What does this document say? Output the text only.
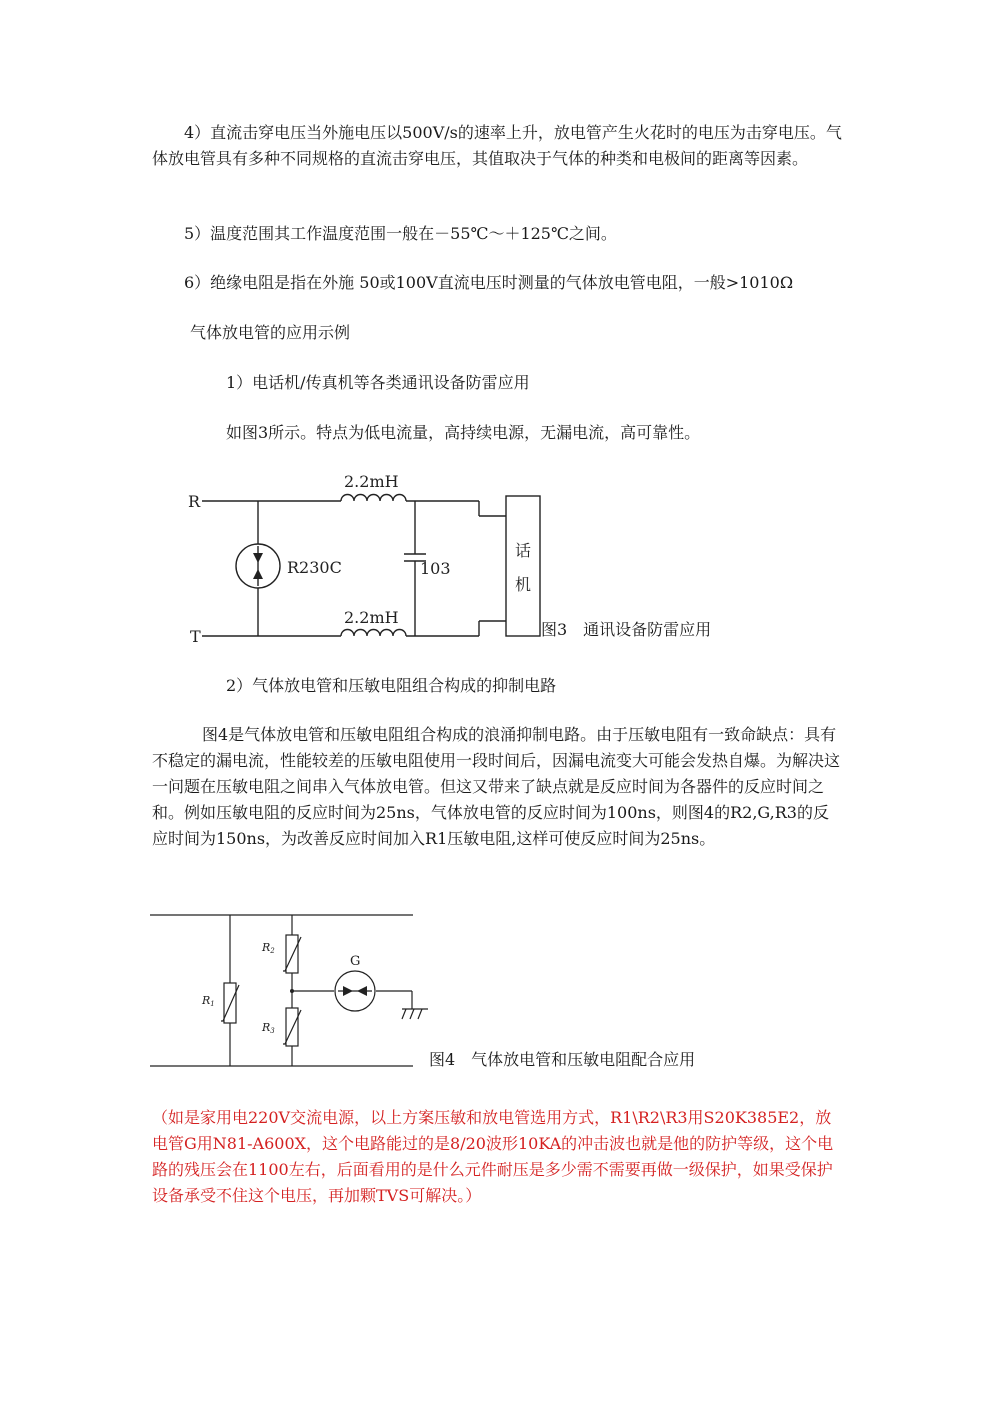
4）直流击穿电压当外施电压以500V/s的速率上升，放电管产生火花时的电压为击穿电压。气体放电管具有多种不同规格的直流击穿电压，其值取决于气体的种类和电极间的距离等因素。
5）温度范围其工作温度范围一般在－55℃～＋125℃之间。
6）绝缘电阻是指在外施 50或100V直流电压时测量的气体放电管电阻，一般>1010Ω
气体放电管的应用示例
1）电话机/传真机等各类通讯设备防雷应用
如图3所示。特点为低电流量，高持续电源，无漏电流，高可靠性。
R
T
2.2mH
2.2mH
R230C	103
话
机
图3　通讯设备防雷应用
2）气体放电管和压敏电阻组合构成的抑制电路
图4是气体放电管和压敏电阻组合构成的浪涌抑制电路。由于压敏电阻有一致命缺点：具有不稳定的漏电流，性能较差的压敏电阻使用一段时间后，因漏电流变大可能会发热自爆。为解决这一问题在压敏电阻之间串入气体放电管。但这又带来了缺点就是反应时间为各器件的反应时间之和。例如压敏电阻的反应时间为25ns，气体放电管的反应时间为100ns，则图4的R2,G,R3的反应时间为150ns，为改善反应时间加入R1压敏电阻,这样可使反应时间为25ns。
R1
R2
R3
G
图4　气体放电管和压敏电阻配合应用
（如是家用电220V交流电源，以上方案压敏和放电管选用方式，R1\R2\R3用S20K385E2，放电管G用N81-A600X，这个电路能过的是8/20波形10KA的冲击波也就是他的防护等级，这个电路的残压会在1100左右，后面看用的是什么元件耐压是多少需不需要再做一级保护，如果受保护设备承受不住这个电压，再加颗TVS可解决。）
